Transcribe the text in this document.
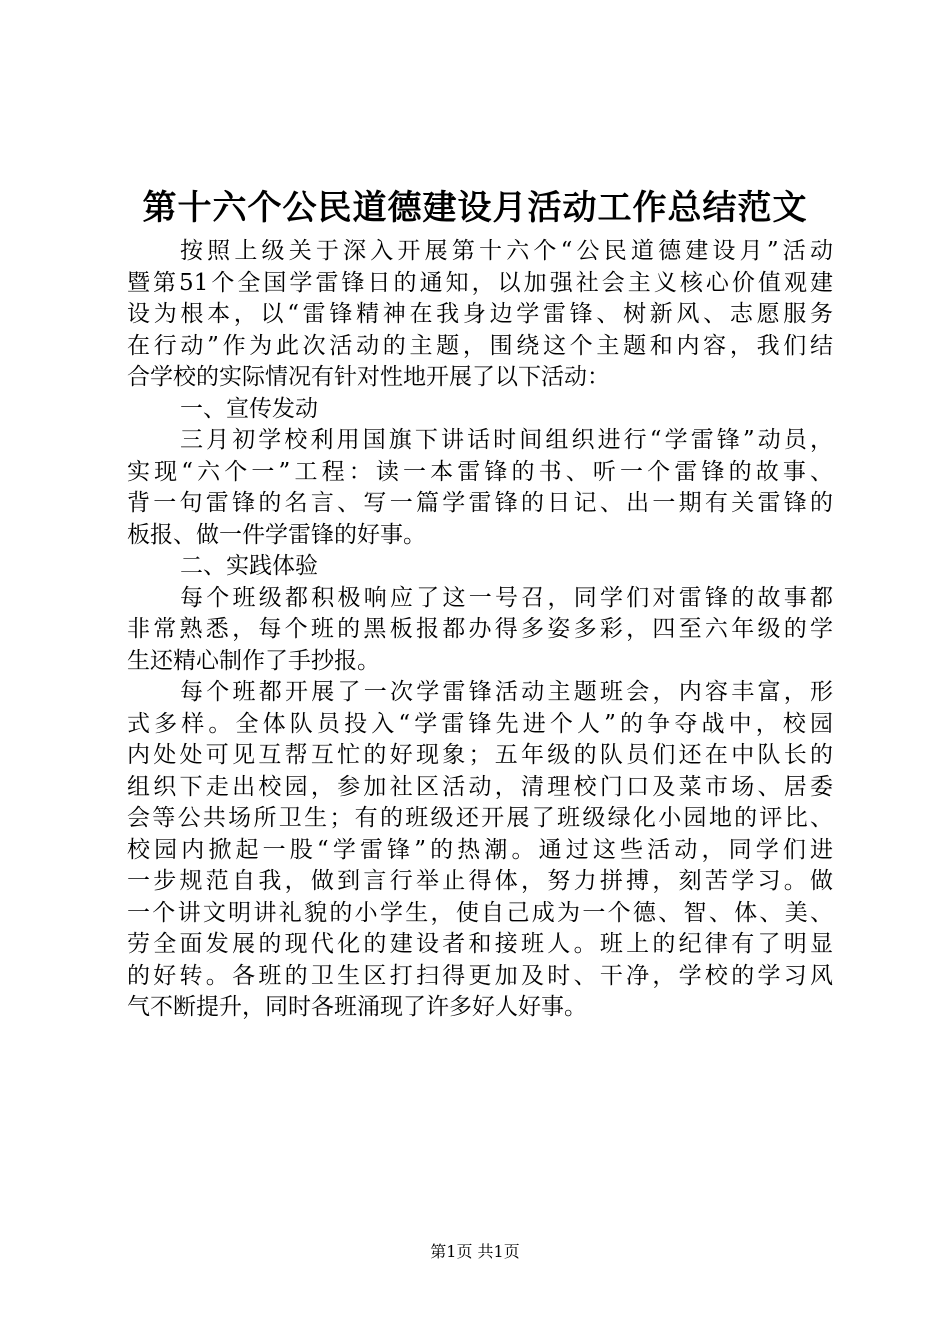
第十六个公民道德建设月活动工作总结范文
按照上级关于深入开展第十六个“公民道德建设月”活动
暨第51个全国学雷锋日的通知，以加强社会主义核心价值观建
设为根本，以“雷锋精神在我身边学雷锋、树新风、志愿服务
在行动”作为此次活动的主题，围绕这个主题和内容，我们结
合学校的实际情况有针对性地开展了以下活动：
一、宣传发动
三月初学校利用国旗下讲话时间组织进行“学雷锋”动员，
实现“六个一”工程：读一本雷锋的书、听一个雷锋的故事、
背一句雷锋的名言、写一篇学雷锋的日记、出一期有关雷锋的
板报、做一件学雷锋的好事。
二、实践体验
每个班级都积极响应了这一号召，同学们对雷锋的故事都
非常熟悉，每个班的黑板报都办得多姿多彩，四至六年级的学
生还精心制作了手抄报。
每个班都开展了一次学雷锋活动主题班会，内容丰富，形
式多样。全体队员投入“学雷锋先进个人”的争夺战中，校园
内处处可见互帮互忙的好现象；五年级的队员们还在中队长的
组织下走出校园，参加社区活动，清理校门口及菜市场、居委
会等公共场所卫生；有的班级还开展了班级绿化小园地的评比、
校园内掀起一股“学雷锋”的热潮。通过这些活动，同学们进
一步规范自我，做到言行举止得体，努力拼搏，刻苦学习。做
一个讲文明讲礼貌的小学生，使自己成为一个德、智、体、美、
劳全面发展的现代化的建设者和接班人。班上的纪律有了明显
的好转。各班的卫生区打扫得更加及时、干净，学校的学习风
气不断提升，同时各班涌现了许多好人好事。
第1页 共1页
